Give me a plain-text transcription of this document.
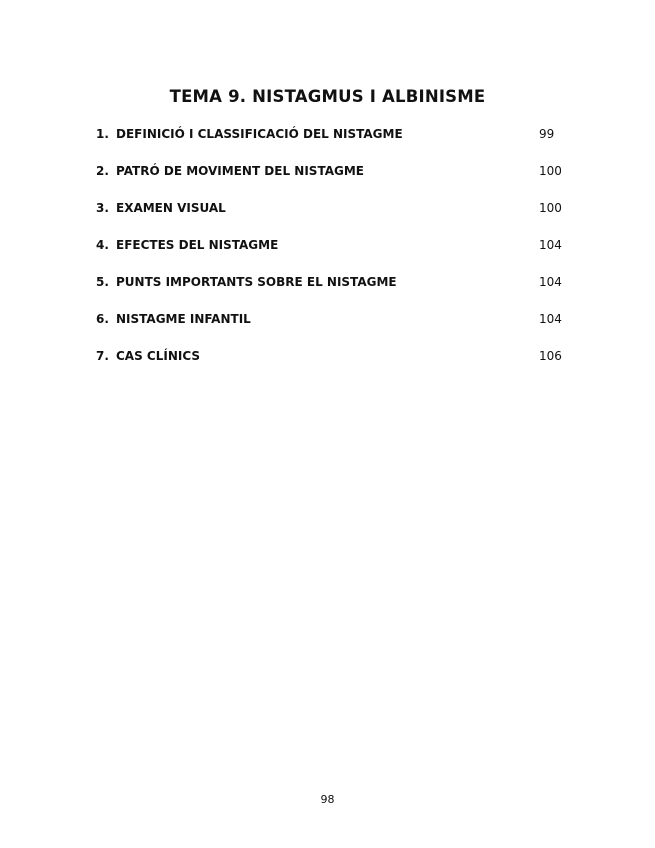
TEMA 9. NISTAGMUS I ALBINISME
1. DEFINICIÓ I CLASSIFICACIÓ DEL NISTAGME	99
2. PATRÓ DE MOVIMENT DEL NISTAGME	100
3. EXAMEN VISUAL	100
4. EFECTES DEL NISTAGME	104
5. PUNTS IMPORTANTS SOBRE EL NISTAGME	104
6. NISTAGME INFANTIL	104
7. CAS CLÍNICS	106
98
